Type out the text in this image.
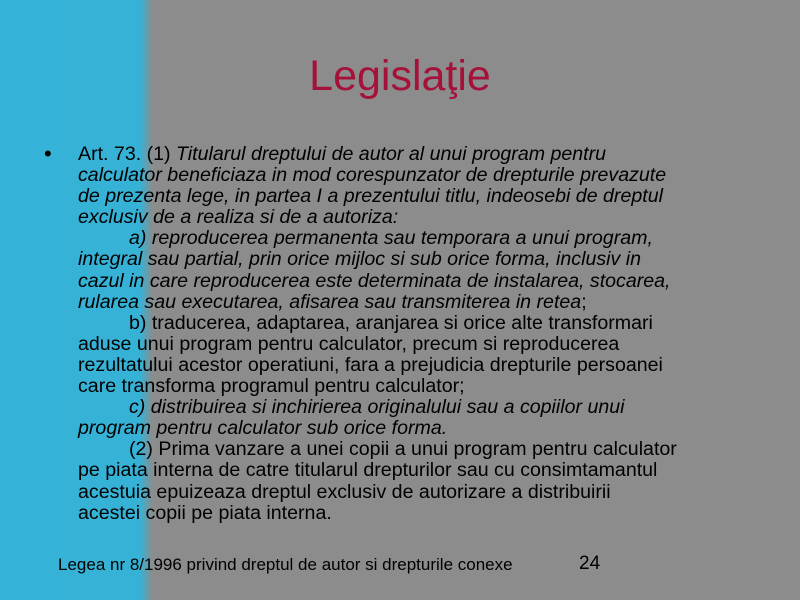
Legislaţie
• Art. 73. (1) Titularul dreptului de autor al unui program pentru
calculator beneficiaza in mod corespunzator de drepturile prevazute
de prezenta lege, in partea I a prezentului titlu, indeosebi de dreptul
exclusiv de a realiza si de a autoriza:
a) reproducerea permanenta sau temporara a unui program,
integral sau partial, prin orice mijloc si sub orice forma, inclusiv in
cazul in care reproducerea este determinata de instalarea, stocarea,
rularea sau executarea, afisarea sau transmiterea in retea;
b) traducerea, adaptarea, aranjarea si orice alte transformari
aduse unui program pentru calculator, precum si reproducerea
rezultatului acestor operatiuni, fara a prejudicia drepturile persoanei
care transforma programul pentru calculator;
c) distribuirea si inchirierea originalului sau a copiilor unui
program pentru calculator sub orice forma.
(2) Prima vanzare a unei copii a unui program pentru calculator
pe piata interna de catre titularul drepturilor sau cu consimtamantul
acestuia epuizeaza dreptul exclusiv de autorizare a distribuirii
acestei copii pe piata interna.
Legea nr 8/1996 privind dreptul de autor si drepturile conexe	24
